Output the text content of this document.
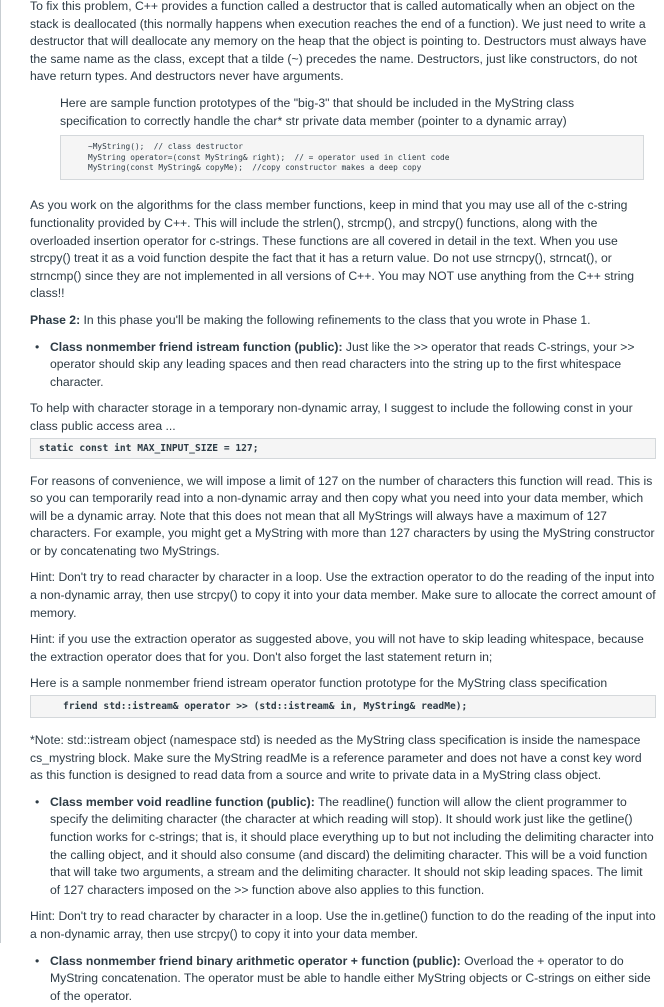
To fix this problem, C++ provides a function called a destructor that is called automatically when an object on the stack is deallocated (this normally happens when execution reaches the end of a function). We just need to write a destructor that will deallocate any memory on the heap that the object is pointing to. Destructors must always have the same name as the class, except that a tilde (~) precedes the name. Destructors, just like constructors, do not have return types. And destructors never have arguments.

Here are sample function prototypes of the "big-3" that should be included in the MyString class specification to correctly handle the char* str private data member (pointer to a dynamic array)

~MyString();  // class destructor
MyString operator=(const MyString& right);  // = operator used in client code
MyString(const MyString& copyMe);  //copy constructor makes a deep copy

As you work on the algorithms for the class member functions, keep in mind that you may use all of the c-string functionality provided by C++. This will include the strlen(), strcmp(), and strcpy() functions, along with the overloaded insertion operator for c-strings. These functions are all covered in detail in the text. When you use strcpy() treat it as a void function despite the fact that it has a return value. Do not use strncpy(), strncat(), or strncmp() since they are not implemented in all versions of C++. You may NOT use anything from the C++ string class!!

Phase 2: In this phase you'll be making the following refinements to the class that you wrote in Phase 1.

• Class nonmember friend istream function (public): Just like the >> operator that reads C-strings, your >> operator should skip any leading spaces and then read characters into the string up to the first whitespace character.

To help with character storage in a temporary non-dynamic array, I suggest to include the following const in your class public access area ...

static const int MAX_INPUT_SIZE = 127;

For reasons of convenience, we will impose a limit of 127 on the number of characters this function will read. This is so you can temporarily read into a non-dynamic array and then copy what you need into your data member, which will be a dynamic array. Note that this does not mean that all MyStrings will always have a maximum of 127 characters. For example, you might get a MyString with more than 127 characters by using the MyString constructor or by concatenating two MyStrings.

Hint: Don't try to read character by character in a loop. Use the extraction operator to do the reading of the input into a non-dynamic array, then use strcpy() to copy it into your data member. Make sure to allocate the correct amount of memory.

Hint: if you use the extraction operator as suggested above, you will not have to skip leading whitespace, because the extraction operator does that for you. Don't also forget the last statement return in;

Here is a sample nonmember friend istream operator function prototype for the MyString class specification

friend std::istream& operator >> (std::istream& in, MyString& readMe);

*Note: std::istream object (namespace std) is needed as the MyString class specification is inside the namespace cs_mystring block. Make sure the MyString readMe is a reference parameter and does not have a const key word as this function is designed to read data from a source and write to private data in a MyString class object.

• Class member void readline function (public): The readline() function will allow the client programmer to specify the delimiting character (the character at which reading will stop). It should work just like the getline() function works for c-strings; that is, it should place everything up to but not including the delimiting character into the calling object, and it should also consume (and discard) the delimiting character. This will be a void function that will take two arguments, a stream and the delimiting character. It should not skip leading spaces. The limit of 127 characters imposed on the >> function above also applies to this function.

Hint: Don't try to read character by character in a loop. Use the in.getline() function to do the reading of the input into a non-dynamic array, then use strcpy() to copy it into your data member.

• Class nonmember friend binary arithmetic operator + function (public): Overload the + operator to do MyString concatenation. The operator must be able to handle either MyString objects or C-strings on either side of the operator.
